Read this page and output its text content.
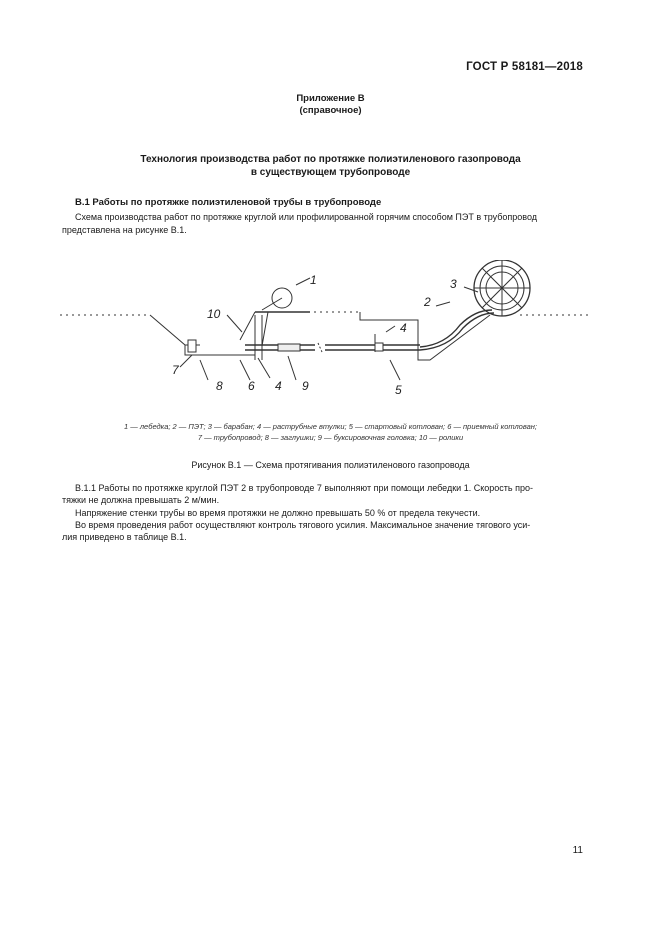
ГОСТ Р 58181—2018
Приложение В
(справочное)
Технология производства работ по протяжке полиэтиленового газопровода
в существующем трубопроводе
В.1 Работы по протяжке полиэтиленовой трубы в трубопроводе
Схема производства работ по протяжке круглой или профилированной горячим способом ПЭТ в трубопровод
представлена на рисунке В.1.
1
2
3
4
4	5
6
7
8	9
10
1 — лебедка; 2 — ПЭТ; 3 — барабан; 4 — раструбные втулки; 5 — стартовый котлован; 6 — приемный котлован;
7 — трубопровод; 8 — заглушки; 9 — буксировочная головка; 10 — ролики
Рисунок В.1 — Схема протягивания полиэтиленового газопровода
В.1.1 Работы по протяжке круглой ПЭТ 2 в трубопроводе 7 выполняют при помощи лебедки 1. Скорость про-
тяжки не должна превышать 2 м/мин.
Напряжение стенки трубы во время протяжки не должно превышать 50 % от предела текучести.
Во время проведения работ осуществляют контроль тягового усилия. Максимальное значение тягового уси-
лия приведено в таблице В.1.
11
